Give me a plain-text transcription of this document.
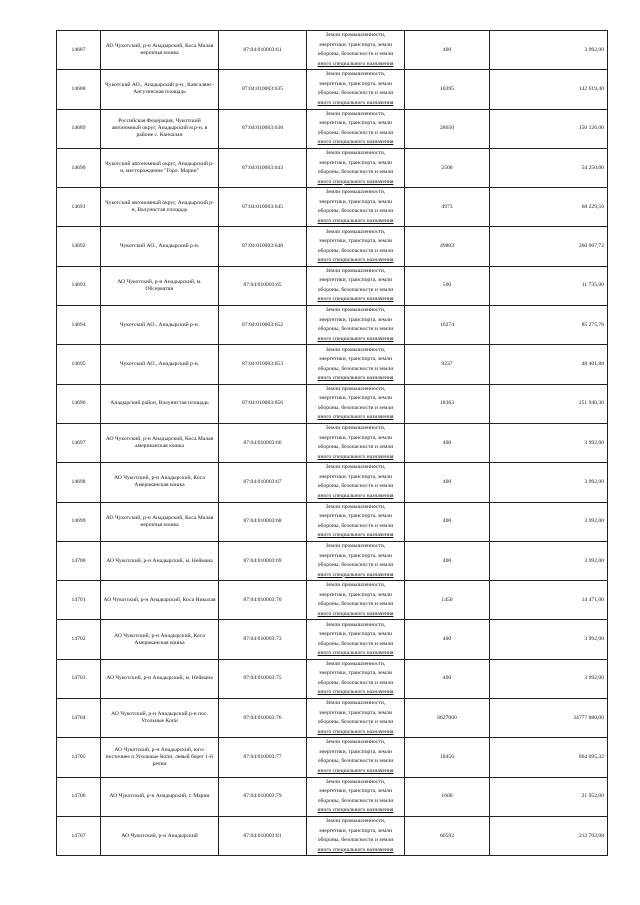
14687	АО Чукотский, р-н Анадырский, Коса Малая нерпичья кошка	87:04:010003:61	Земли промышленности,
энергетики, транспорта, земли
обороны, безопасности и земли
иного специального назначения	400	3 992,00
14688	Чукотский АО., Анадырский р-н., Кангалянс-Ангузинская площадь	87:04:010003:635	Земли промышленности,
энергетики, транспорта, земли
обороны, безопасности и земли
иного специального назначения	10395	142 619,40
14689	Российская Федерация, Чукотский автономный округ, Анадырский м.р-н, в районе с. Канчалан	87:04:010003:638	Земли промышленности,
энергетики, транспорта, земли
обороны, безопасности и земли
иного специального назначения	28650	150 126,00
14690	Чукотский автономный округ, Анадырский р-н, месторождение "Горл. Марии"	87:04:010003:643	Земли промышленности,
энергетики, транспорта, земли
обороны, безопасности и земли
иного специального назначения	2500	54 250,00
14691	Чукотский автономный округ, Анадырский р-н, Валунистая площадь	87:04:010003:645	Земли промышленности,
энергетики, транспорта, земли
обороны, безопасности и земли
иного специального назначения	4973	68 229,56
14692	Чукотский АО., Анадырский р-н.	87:04:010003:648	Земли промышленности,
энергетики, транспорта, земли
обороны, безопасности и земли
иного специального назначения	49803	260 967,72
14693	АО Чукотский, р-н Анадырский, м. Обсерватии	87:04:010003:65	Земли промышленности,
энергетики, транспорта, земли
обороны, безопасности и земли
иного специального назначения	500	11 735,00
14694	Чукотский АО., Анадырский р-н.	87:04:010003:652	Земли промышленности,
энергетики, транспорта, земли
обороны, безопасности и земли
иного специального назначения	16274	85 275,76
14695	Чукотский АО., Анадырский р-н.	87:04:010003:653	Земли промышленности,
энергетики, транспорта, земли
обороны, безопасности и земли
иного специального назначения	9237	48 401,88
14696	Анадырский район, Валунистая площадь	87:04:010003:656	Земли промышленности,
энергетики, транспорта, земли
обороны, безопасности и земли
иного специального назначения	18363	251 940,36
14697	АО Чукотский, р-н Анадырский, Коса Малая американская кошка	87:04:010003:66	Земли промышленности,
энергетики, транспорта, земли
обороны, безопасности и земли
иного специального назначения	400	3 992,00
14698	АО Чукотский, р-н Анадырский, Коса Американская кошка	87:04:010003:67	Земли промышленности,
энергетики, транспорта, земли
обороны, безопасности и земли
иного специального назначения	400	3 992,00
14699	АО Чукотский, р-н Анадырский, Коса Малая нерпичья кошка	87:04:010003:68	Земли промышленности,
энергетики, транспорта, земли
обороны, безопасности и земли
иного специального назначения	400	3 992,00
14700	АО Чукотский, р-н Анадырский, м. Неймана	87:04:010003:69	Земли промышленности,
энергетики, транспорта, земли
обороны, безопасности и земли
иного специального назначения	400	3 992,00
14701	АО Чукотский, р-н Анадырский, Коса Николая	87:04:010003:70	Земли промышленности,
энергетики, транспорта, земли
обороны, безопасности и земли
иного специального назначения	1450	14 471,00
14702	АО Чукотский, р-н Анадырский, Коса Американская кошка	87:04:010003:73	Земли промышленности,
энергетики, транспорта, земли
обороны, безопасности и земли
иного специального назначения	400	3 992,00
14703	АО Чукотский, р-н Анадырский, м. Неймана	87:04:010003:75	Земли промышленности,
энергетики, транспорта, земли
обороны, безопасности и земли
иного специального назначения	400	3 992,00
14704	АО Чукотский, р-н Анадырский р-н пос. Угольные Копи	87:04:010003:76	Земли промышленности,
энергетики, транспорта, земли
обороны, безопасности и земли
иного специального назначения	6627000	34777 880,00
14705	АО Чукотский, р-н Анадырский, юго-восточнее п.Угольные Копи, левый берег 1-й речки	87:04:010003:77	Земли промышленности,
энергетики, транспорта, земли
обороны, безопасности и земли
иного специального назначения	18456	864 095,32
14706	АО Чукотский, р-н Анадырский, г. Марии	87:04:010003:79	Земли промышленности,
энергетики, транспорта, земли
обороны, безопасности и земли
иного специального назначения	1600	21 952,00
14707	АО Чукотский, р-н Анадырский	87:04:010003:81	Земли промышленности,
энергетики, транспорта, земли
обороны, безопасности и земли
иного специального назначения	60592	212 702,08
